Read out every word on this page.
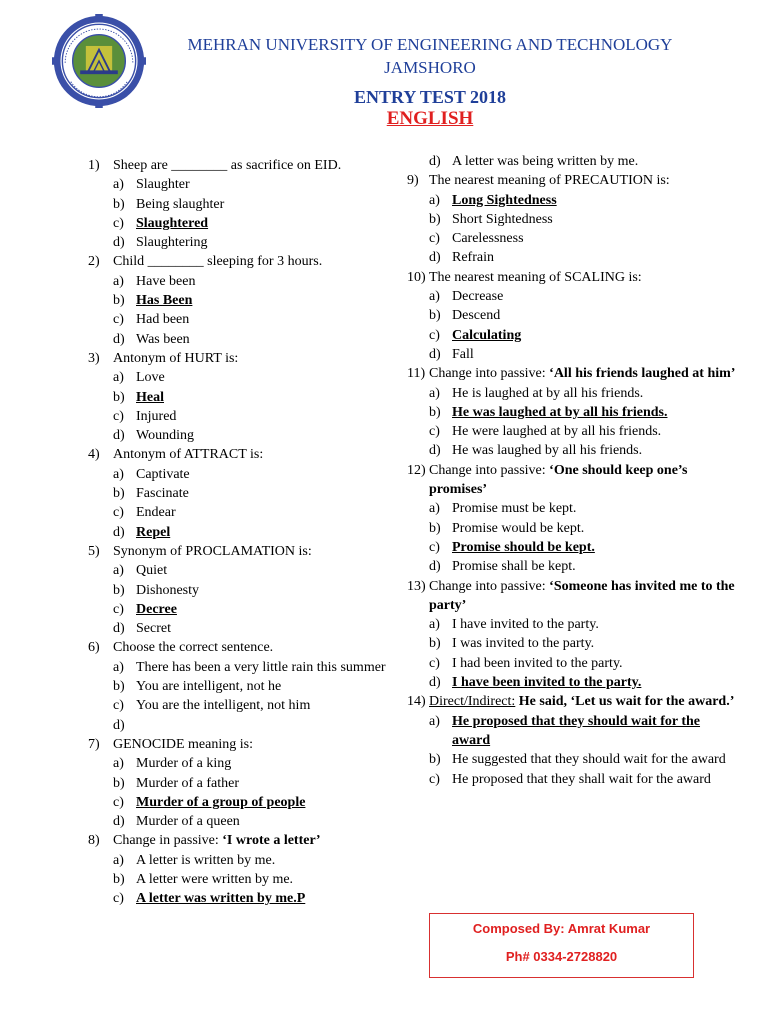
MEHRAN UNIVERSITY OF ENGINEERING AND TECHNOLOGY
JAMSHORO
ENTRY TEST 2018
ENGLISH
1) Sheep are ________ as sacrifice on EID.
a) Slaughter
b) Being slaughter
c) Slaughtered
d) Slaughtering
2) Child ________ sleeping for 3 hours.
a) Have been
b) Has Been
c) Had been
d) Was been
3) Antonym of HURT is:
a) Love
b) Heal
c) Injured
d) Wounding
4) Antonym of ATTRACT is:
a) Captivate
b) Fascinate
c) Endear
d) Repel
5) Synonym of PROCLAMATION is:
a) Quiet
b) Dishonesty
c) Decree
d) Secret
6) Choose the correct sentence.
a) There has been a very little rain this summer
b) You are intelligent, not he
c) You are the intelligent, not him
d)

7) GENOCIDE meaning is:
a) Murder of a king
b) Murder of a father
c) Murder of a group of people
d) Murder of a queen
8) Change in passive: ‘I wrote a letter’
a) A letter is written by me.
b) A letter were written by me.
c) A letter was written by me.P
d) A letter was being written by me.
9) The nearest meaning of PRECAUTION is:
a) Long Sightedness
b) Short Sightedness
c) Carelessness
d) Refrain
10) The nearest meaning of SCALING is:
a) Decrease
b) Descend
c) Calculating
d) Fall
11) Change into passive: ‘All his friends laughed at him’
a) He is laughed at by all his friends.
b) He was laughed at by all his friends.
c) He were laughed at by all his friends.
d) He was laughed by all his friends.
12) Change into passive: ‘One should keep one’s promises’
a) Promise must be kept.
b) Promise would be kept.
c) Promise should be kept.
d) Promise shall be kept.
13) Change into passive: ‘Someone has invited me to the party’
a) I have invited to the party.
b) I was invited to the party.
c) I had been invited to the party.
d) I have been invited to the party.
14) Direct/Indirect: He said, ‘Let us wait for the award.’
a) He proposed that they should wait for the award
b) He suggested that they should wait for the award
c) He proposed that they shall wait for the award
Composed By: Amrat Kumar
Ph# 0334-2728820
